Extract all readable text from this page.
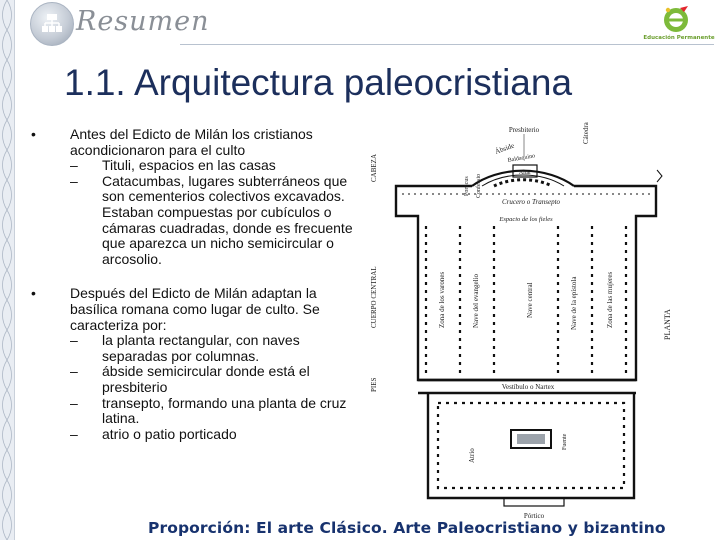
Resumen
Educación Permanente
1.1. Arquitectura paleocristiana
• Antes del Edicto de Milán los cristianos acondicionaron para el culto
– Tituli, espacios en las casas
– Catacumbas, lugares subterráneos que son cementerios colectivos excavados. Estaban compuestas por cubículos o cámaras cuadradas, donde es frecuente que aparezca un nicho semicircular o arcosolio.
• Después del Edicto de Milán adaptan la basílica romana como lugar de culto. Se caracteriza por:
– la planta rectangular, con naves separadas por columnas.
– ábside semicircular donde está el presbiterio
– transepto, formando una planta de cruz latina.
– atrio o patio porticado
Presbiterio	Cátedra
Ábside
Baldaquino
Altar
Porticus Confessio
Crucero o Transepto
Espacio de los fieles
Zona de los varones	Nave del evangelio	Nave central	Nave de la epístola	Zona de las mujeres
Vestíbulo o Nartex
Atrio
Fuente
Pórtico
CABEZA
CUERPO CENTRAL
PIES
PLANTA
Proporción: El arte Clásico. Arte Paleocristiano y bizantino
